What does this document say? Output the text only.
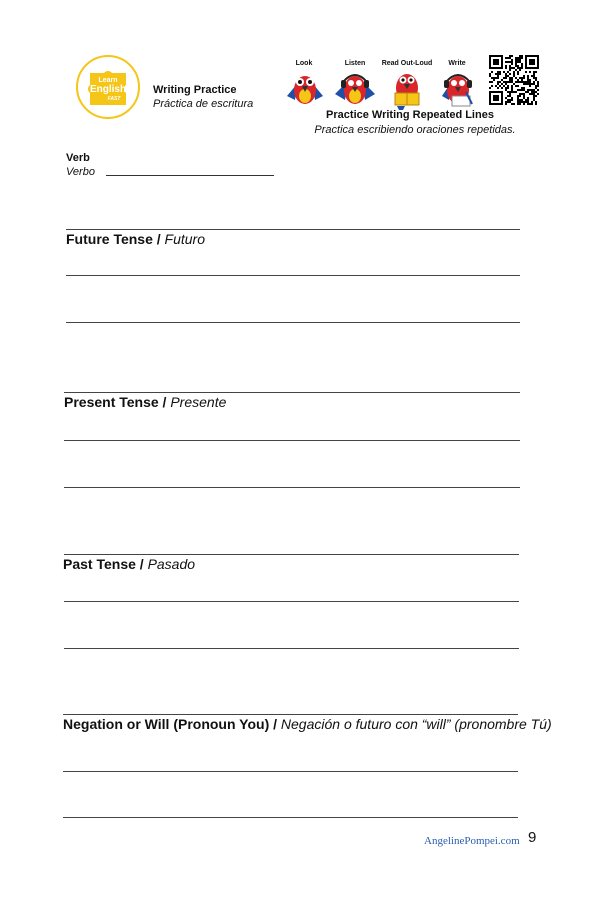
Learn
English
FAST
Writing Practice
Práctica de escritura
Look	Listen	Read Out-Loud	Write
Practice Writing Repeated Lines
Practica escribiendo oraciones repetidas.
Verb
Verbo
Future Tense / Futuro
Present Tense / Presente
Past Tense / Pasado
Negation or Will (Pronoun You) / Negación o futuro con “will” (pronombre Tú)
AngelinePompei.com 9
